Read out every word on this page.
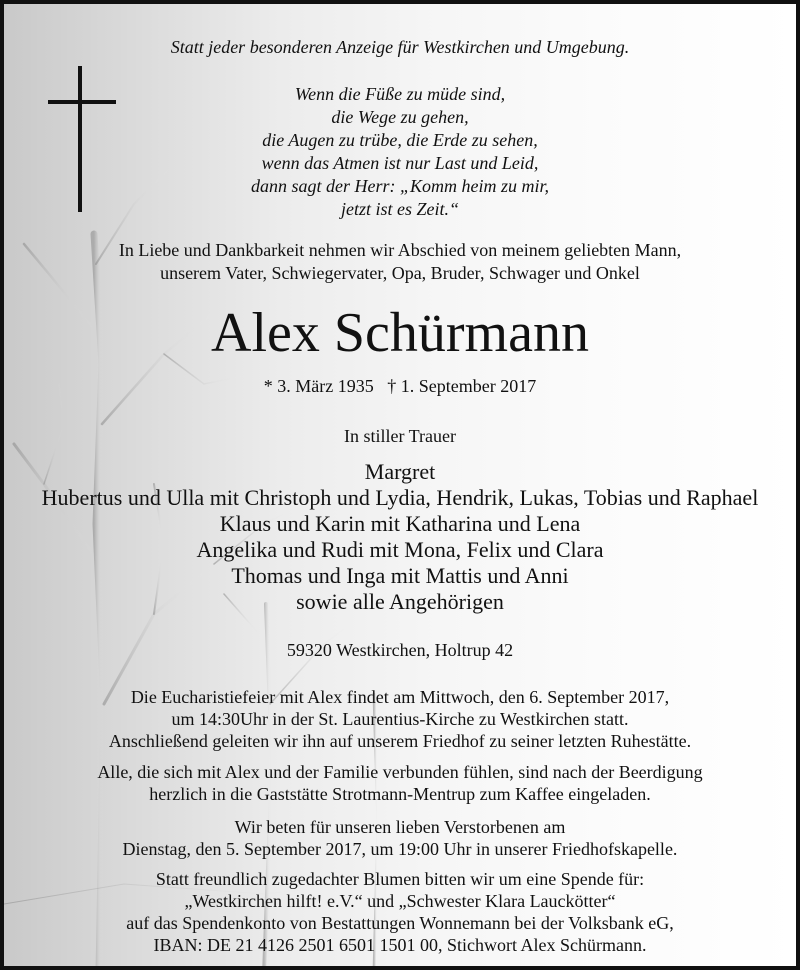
Statt jeder besonderen Anzeige für Westkirchen und Umgebung.
Wenn die Füße zu müde sind,
die Wege zu gehen,
die Augen zu trübe, die Erde zu sehen,
wenn das Atmen ist nur Last und Leid,
dann sagt der Herr: „Komm heim zu mir,
jetzt ist es Zeit.“
In Liebe und Dankbarkeit nehmen wir Abschied von meinem geliebten Mann,
unserem Vater, Schwiegervater, Opa, Bruder, Schwager und Onkel
Alex Schürmann
* 3. März 1935   † 1. September 2017
In stiller Trauer
Margret
Hubertus und Ulla mit Christoph und Lydia, Hendrik, Lukas, Tobias und Raphael
Klaus und Karin mit Katharina und Lena
Angelika und Rudi mit Mona, Felix und Clara
Thomas und Inga mit Mattis und Anni
sowie alle Angehörigen
59320 Westkirchen, Holtrup 42
Die Eucharistiefeier mit Alex findet am Mittwoch, den 6. September 2017,
um 14:30Uhr in der St. Laurentius-Kirche zu Westkirchen statt.
Anschließend geleiten wir ihn auf unserem Friedhof zu seiner letzten Ruhestätte.
Alle, die sich mit Alex und der Familie verbunden fühlen, sind nach der Beerdigung
herzlich in die Gaststätte Strotmann-Mentrup zum Kaffee eingeladen.
Wir beten für unseren lieben Verstorbenen am
Dienstag, den 5. September 2017, um 19:00 Uhr in unserer Friedhofskapelle.
Statt freundlich zugedachter Blumen bitten wir um eine Spende für:
„Westkirchen hilft! e.V.“ und „Schwester Klara Lauckötter“
auf das Spendenkonto von Bestattungen Wonnemann bei der Volksbank eG,
IBAN: DE 21 4126 2501 6501 1501 00, Stichwort Alex Schürmann.
